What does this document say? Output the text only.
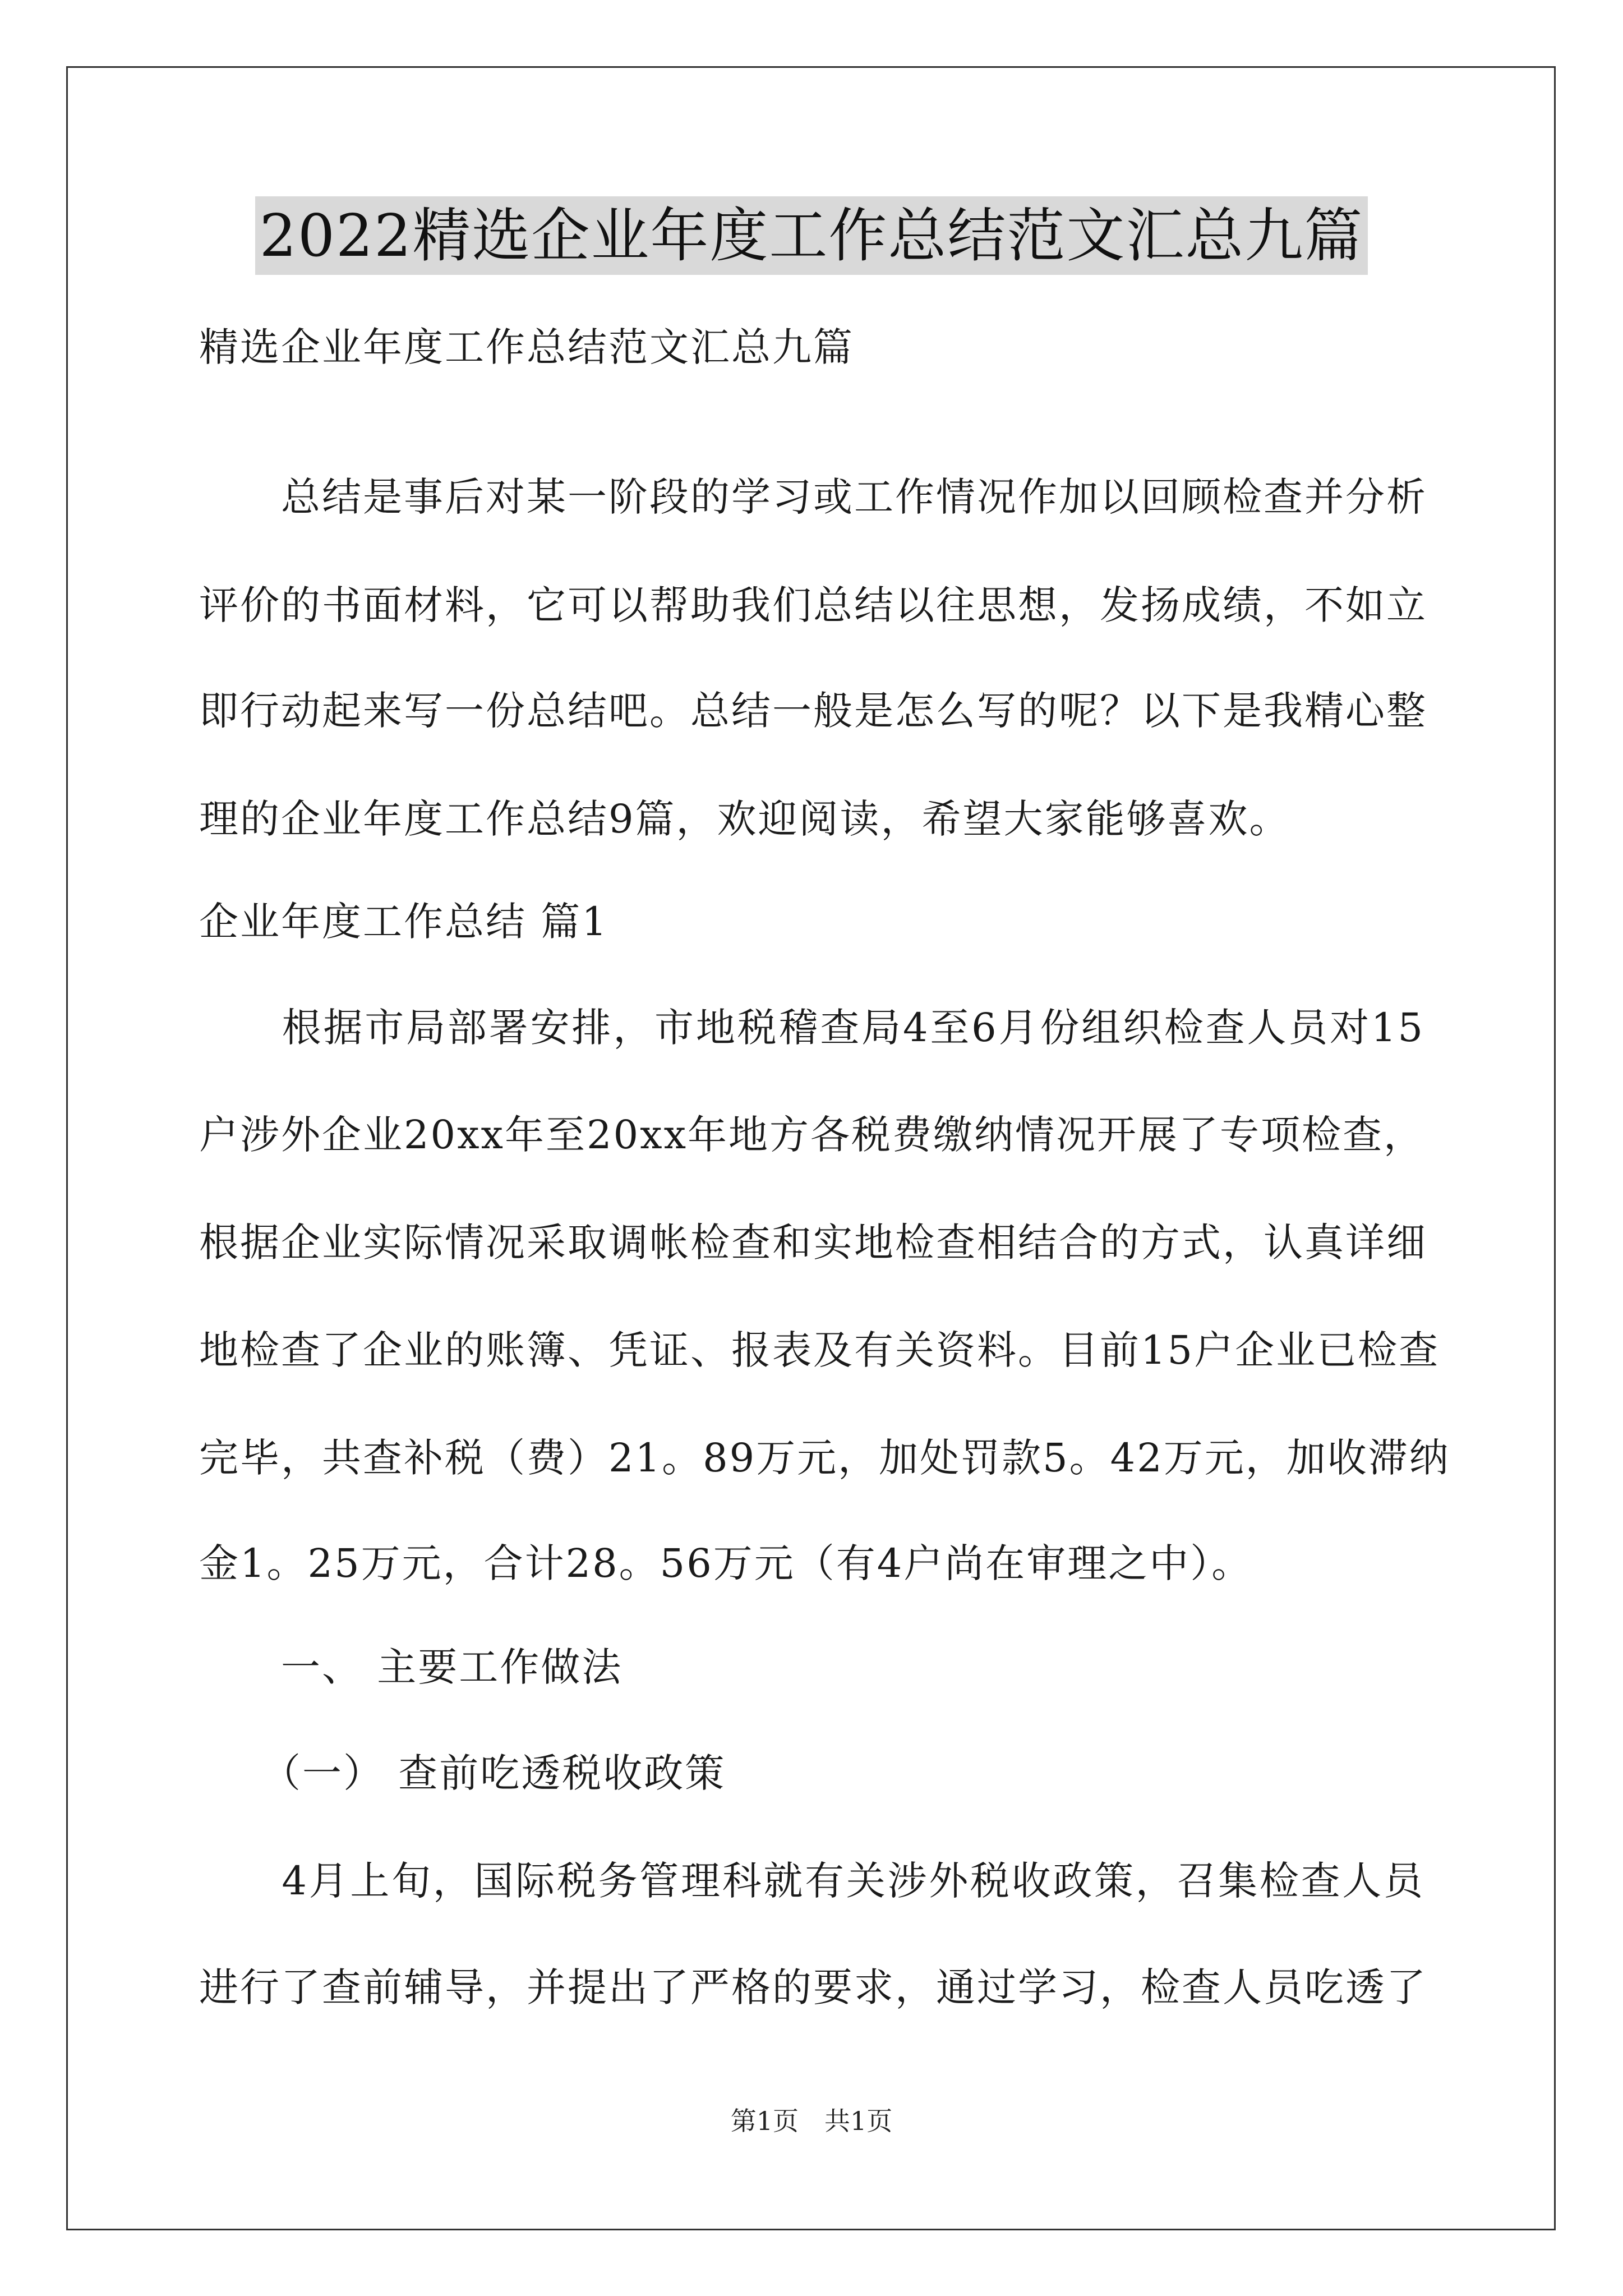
2022精选企业年度工作总结范文汇总九篇
精选企业年度工作总结范文汇总九篇
　　总结是事后对某一阶段的学习或工作情况作加以回顾检查并分析
评价的书面材料，它可以帮助我们总结以往思想，发扬成绩，不如立
即行动起来写一份总结吧。总结一般是怎么写的呢？以下是我精心整
理的企业年度工作总结9篇，欢迎阅读，希望大家能够喜欢。
企业年度工作总结 篇1
　　根据市局部署安排，市地税稽查局4至6月份组织检查人员对15
户涉外企业20xx年至20xx年地方各税费缴纳情况开展了专项检查，
根据企业实际情况采取调帐检查和实地检查相结合的方式，认真详细
地检查了企业的账簿、凭证、报表及有关资料。目前15户企业已检查
完毕，共查补税（费）21。89万元，加处罚款5。42万元，加收滞纳
金1。25万元，合计28。56万元（有4户尚在审理之中）。
　　一、 主要工作做法
　　（一） 查前吃透税收政策
　　4月上旬，国际税务管理科就有关涉外税收政策，召集检查人员
进行了查前辅导，并提出了严格的要求，通过学习，检查人员吃透了
第1页　共1页
